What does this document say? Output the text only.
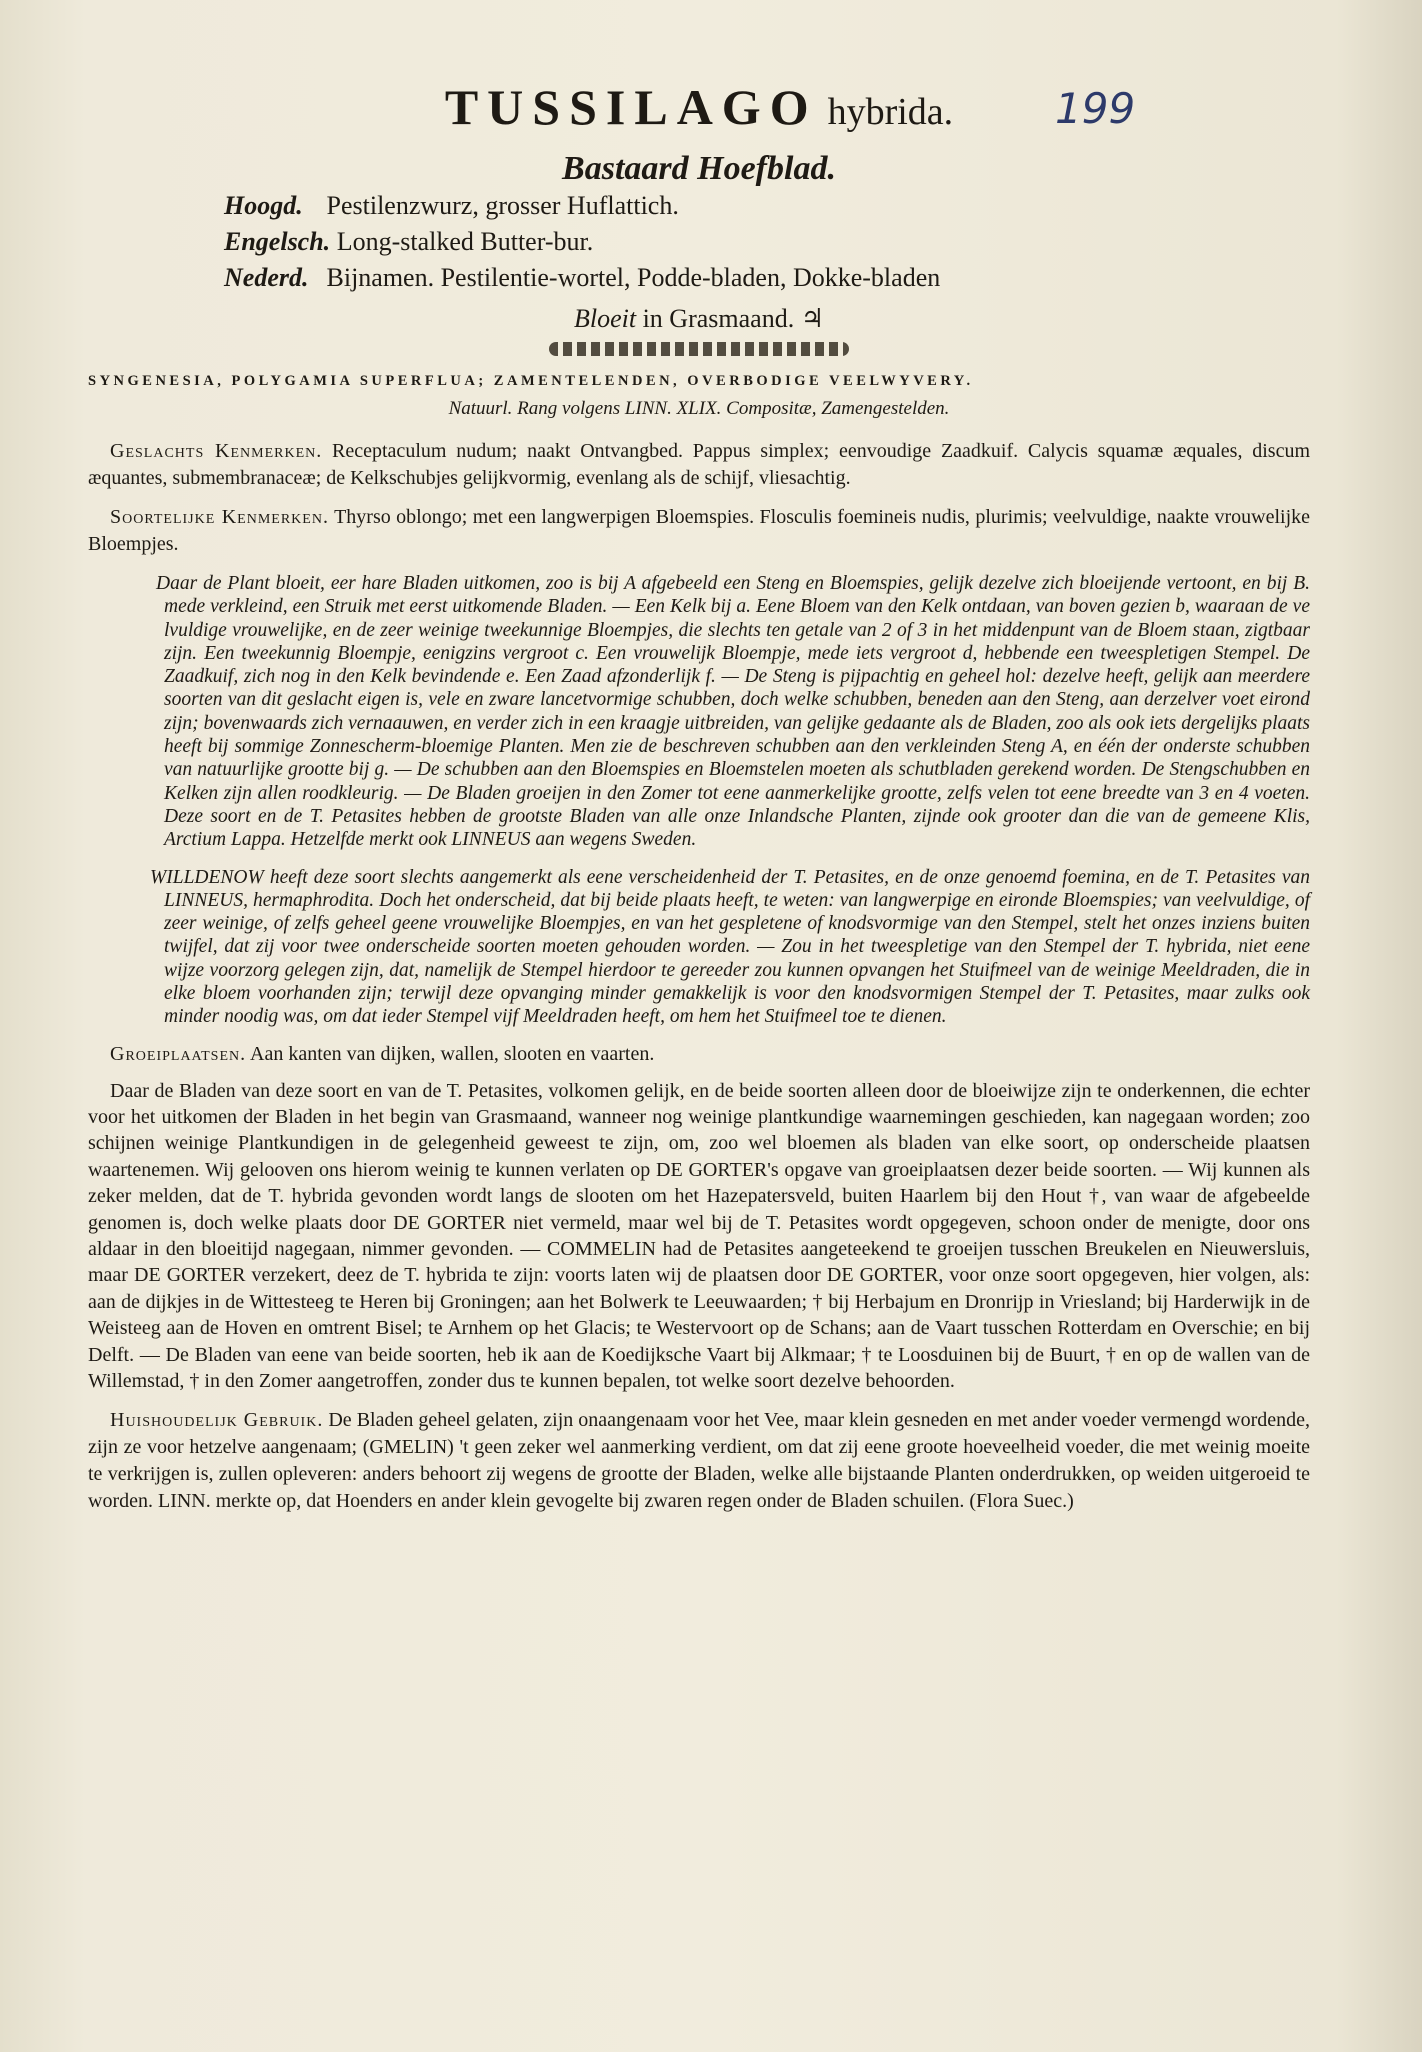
TUSSILAGO hybrida. 199
Bastaard Hoefblad.
Hoogd. Pestilenzwurz, grosser Huflattich.
Engelsch. Long-stalked Butter-bur.
Nederd. Bijnamen. Pestilentie-wortel, Podde-bladen, Dokke-bladen
Bloeit in Grasmaand. ♃
SYNGENESIA, POLYGAMIA SUPERFLUA; ZAMENTELENDEN, OVERBODIGE VEELWYVERY.
Natuurl. Rang volgens LINN. XLIX. Compositæ, Zamengestelden.

Geslachts Kenmerken. Receptaculum nudum; naakt Ontvangbed. Pappus simplex; eenvoudige Zaadkuif. Calycis squamæ æquales, discum æquantes, submembranaceæ; de Kelkschubjes gelijkvormig, evenlang als de schijf, vliesachtig.

Soortelijke Kenmerken. Thyrso oblongo; met een langwerpigen Bloemspies. Flosculis foemineis nudis, plurimis; veelvuldige, naakte vrouwelijke Bloempjes.

Daar de Plant bloeit, eer hare Bladen uitkomen, zoo is bij A afgebeeld een Steng en Bloemspies, gelijk dezelve zich bloeijende vertoont, en bij B. mede verkleind, een Struik met eerst uitkomende Bladen. — Een Kelk bij a. Eene Bloem van den Kelk ontdaan, van boven gezien b, waaraan de ve lvuldige vrouwelijke, en de zeer weinige tweekunnige Bloempjes, die slechts ten getale van 2 of 3 in het middenpunt van de Bloem staan, zigtbaar zijn. Een tweekunnig Bloempje, eenigzins vergroot c. Een vrouwelijk Bloempje, mede iets vergroot d, hebbende een tweespletigen Stempel. De Zaadkuif, zich nog in den Kelk bevindende e. Een Zaad afzonderlijk f. — De Steng is pijpachtig en geheel hol: dezelve heeft, gelijk aan meerdere soorten van dit geslacht eigen is, vele en zware lancetvormige schubben, doch welke schubben, beneden aan den Steng, aan derzelver voet eirond zijn; bovenwaards zich vernaauwen, en verder zich in een kraagje uitbreiden, van gelijke gedaante als de Bladen, zoo als ook iets dergelijks plaats heeft bij sommige Zonnescherm-bloemige Planten. Men zie de beschreven schubben aan den verkleinden Steng A, en één der onderste schubben van natuurlijke grootte bij g. — De schubben aan den Bloemspies en Bloemstelen moeten als schutbladen gerekend worden. De Stengschubben en Kelken zijn allen roodkleurig. — De Bladen groeijen in den Zomer tot eene aanmerkelijke grootte, zelfs velen tot eene breedte van 3 en 4 voeten. Deze soort en de T. Petasites hebben de grootste Bladen van alle onze Inlandsche Planten, zijnde ook grooter dan die van de gemeene Klis, Arctium Lappa. Hetzelfde merkt ook LINNEUS aan wegens Sweden.

WILLDENOW heeft deze soort slechts aangemerkt als eene verscheidenheid der T. Petasites, en de onze genoemd foemina, en de T. Petasites van LINNEUS, hermaphrodita. Doch het onderscheid, dat bij beide plaats heeft, te weten: van langwerpige en eironde Bloemspies; van veelvuldige, of zeer weinige, of zelfs geheel geene vrouwelijke Bloempjes, en van het gespletene of knodsvormige van den Stempel, stelt het onzes inziens buiten twijfel, dat zij voor twee onderscheide soorten moeten gehouden worden. — Zou in het tweespletige van den Stempel der T. hybrida, niet eene wijze voorzorg gelegen zijn, dat, namelijk de Stempel hierdoor te gereeder zou kunnen opvangen het Stuifmeel van de weinige Meeldraden, die in elke bloem voorhanden zijn; terwijl deze opvanging minder gemakkelijk is voor den knodsvormigen Stempel der T. Petasites, maar zulks ook minder noodig was, om dat ieder Stempel vijf Meeldraden heeft, om hem het Stuifmeel toe te dienen.

Groeiplaatsen. Aan kanten van dijken, wallen, slooten en vaarten.

Daar de Bladen van deze soort en van de T. Petasites, volkomen gelijk, en de beide soorten alleen door de bloeiwijze zijn te onderkennen, die echter voor het uitkomen der Bladen in het begin van Grasmaand, wanneer nog weinige plantkundige waarnemingen geschieden, kan nagegaan worden; zoo schijnen weinige Plantkundigen in de gelegenheid geweest te zijn, om, zoo wel bloemen als bladen van elke soort, op onderscheide plaatsen waartenemen. Wij gelooven ons hierom weinig te kunnen verlaten op DE GORTER's opgave van groeiplaatsen dezer beide soorten. — Wij kunnen als zeker melden, dat de T. hybrida gevonden wordt langs de slooten om het Hazepatersveld, buiten Haarlem bij den Hout †, van waar de afgebeelde genomen is, doch welke plaats door DE GORTER niet vermeld, maar wel bij de T. Petasites wordt opgegeven, schoon onder de menigte, door ons aldaar in den bloeitijd nagegaan, nimmer gevonden. — COMMELIN had de Petasites aangeteekend te groeijen tusschen Breukelen en Nieuwersluis, maar DE GORTER verzekert, deez de T. hybrida te zijn: voorts laten wij de plaatsen door DE GORTER, voor onze soort opgegeven, hier volgen, als: aan de dijkjes in de Wittesteeg te Heren bij Groningen; aan het Bolwerk te Leeuwaarden; † bij Herbajum en Dronrijp in Vriesland; bij Harderwijk in de Weisteeg aan de Hoven en omtrent Bisel; te Arnhem op het Glacis; te Westervoort op de Schans; aan de Vaart tusschen Rotterdam en Overschie; en bij Delft. — De Bladen van eene van beide soorten, heb ik aan de Koedijksche Vaart bij Alkmaar; † te Loosduinen bij de Buurt, † en op de wallen van de Willemstad, † in den Zomer aangetroffen, zonder dus te kunnen bepalen, tot welke soort dezelve behoorden.

Huishoudelijk Gebruik. De Bladen geheel gelaten, zijn onaangenaam voor het Vee, maar klein gesneden en met ander voeder vermengd wordende, zijn ze voor hetzelve aangenaam; (GMELIN) 't geen zeker wel aanmerking verdient, om dat zij eene groote hoeveelheid voeder, die met weinig moeite te verkrijgen is, zullen opleveren: anders behoort zij wegens de grootte der Bladen, welke alle bijstaande Planten onderdrukken, op weiden uitgeroeid te worden. LINN. merkte op, dat Hoenders en ander klein gevogelte bij zwaren regen onder de Bladen schuilen. (Flora Suec.)
